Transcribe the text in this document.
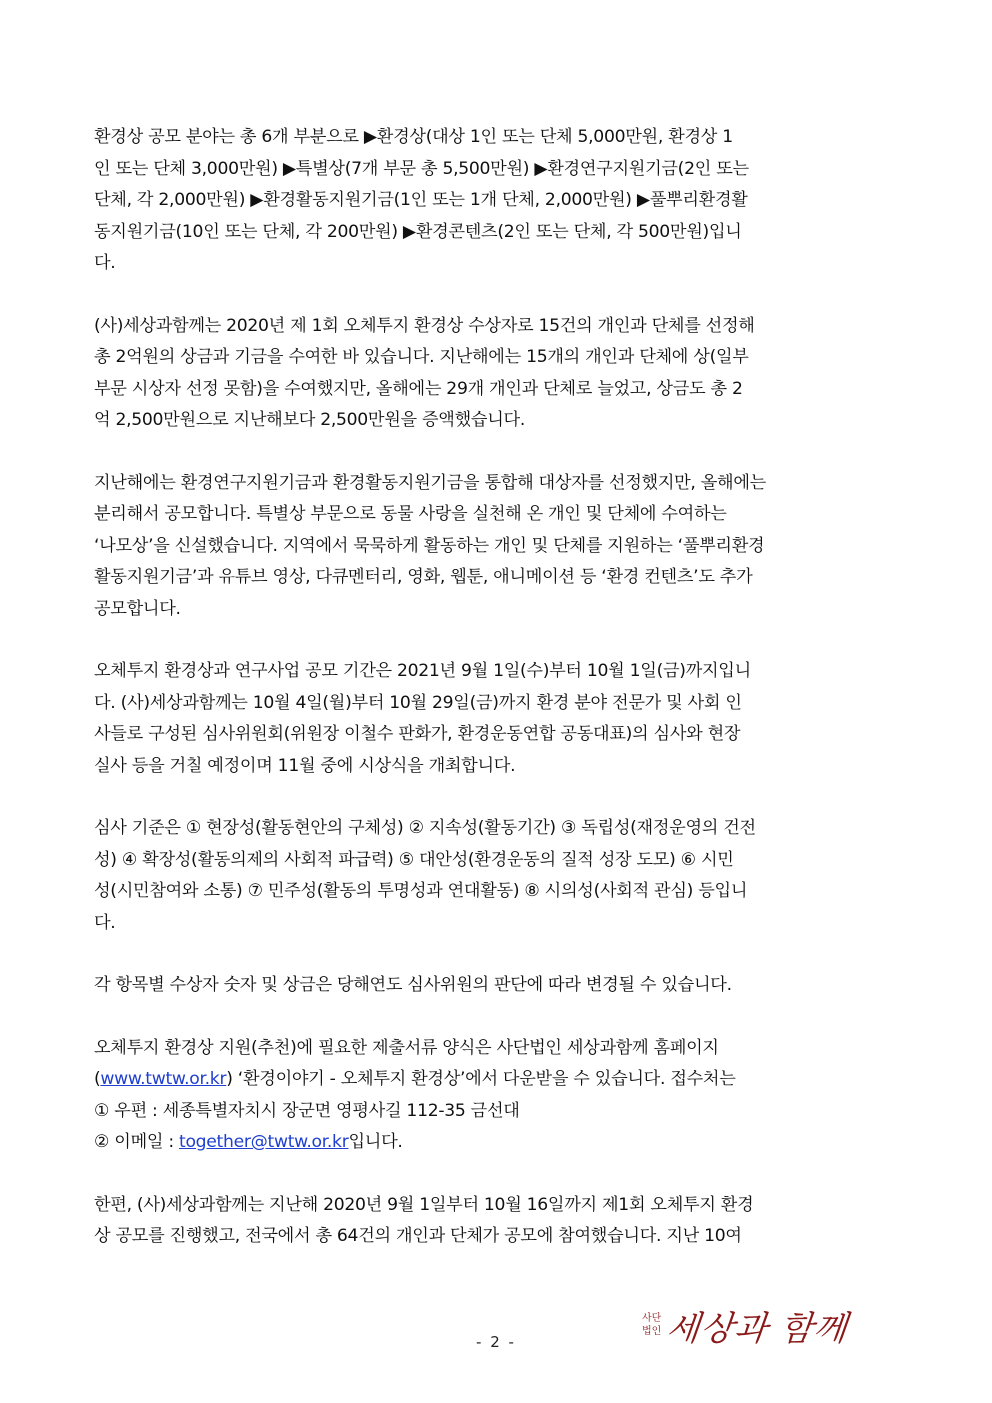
환경상 공모 분야는 총 6개 부분으로 ▶환경상(대상 1인 또는 단체 5,000만원, 환경상 1
인 또는 단체 3,000만원) ▶특별상(7개 부문 총 5,500만원) ▶환경연구지원기금(2인 또는
단체, 각 2,000만원) ▶환경활동지원기금(1인 또는 1개 단체, 2,000만원) ▶풀뿌리환경활
동지원기금(10인 또는 단체, 각 200만원) ▶환경콘텐츠(2인 또는 단체, 각 500만원)입니
다.

(사)세상과함께는 2020년 제 1회 오체투지 환경상 수상자로 15건의 개인과 단체를 선정해
총 2억원의 상금과 기금을 수여한 바 있습니다. 지난해에는 15개의 개인과 단체에 상(일부
부문 시상자 선정 못함)을 수여했지만, 올해에는 29개 개인과 단체로 늘었고, 상금도 총 2
억 2,500만원으로 지난해보다 2,500만원을 증액했습니다.

지난해에는 환경연구지원기금과 환경활동지원기금을 통합해 대상자를 선정했지만, 올해에는
분리해서 공모합니다. 특별상 부문으로 동물 사랑을 실천해 온 개인 및 단체에 수여하는
‘나모상’을 신설했습니다. 지역에서 묵묵하게 활동하는 개인 및 단체를 지원하는 ‘풀뿌리환경
활동지원기금’과 유튜브 영상, 다큐멘터리, 영화, 웹툰, 애니메이션 등 ‘환경 컨텐츠’도 추가
공모합니다.

오체투지 환경상과 연구사업 공모 기간은 2021년 9월 1일(수)부터 10월 1일(금)까지입니
다. (사)세상과함께는 10월 4일(월)부터 10월 29일(금)까지 환경 분야 전문가 및 사회 인
사들로 구성된 심사위원회(위원장 이철수 판화가, 환경운동연합 공동대표)의 심사와 현장
실사 등을 거칠 예정이며 11월 중에 시상식을 개최합니다.

심사 기준은 ① 현장성(활동현안의 구체성) ② 지속성(활동기간) ③ 독립성(재정운영의 건전
성) ④ 확장성(활동의제의 사회적 파급력) ⑤ 대안성(환경운동의 질적 성장 도모) ⑥ 시민
성(시민참여와 소통) ⑦ 민주성(활동의 투명성과 연대활동) ⑧ 시의성(사회적 관심) 등입니
다.

각 항목별 수상자 숫자 및 상금은 당해연도 심사위원의 판단에 따라 변경될 수 있습니다.

오체투지 환경상 지원(추천)에 필요한 제출서류 양식은 사단법인 세상과함께 홈페이지
(www.twtw.or.kr) ‘환경이야기 - 오체투지 환경상’에서 다운받을 수 있습니다. 접수처는
① 우편 : 세종특별자치시 장군면 영평사길 112-35 금선대
② 이메일 : together@twtw.or.kr입니다.

한편, (사)세상과함께는 지난해 2020년 9월 1일부터 10월 16일까지 제1회 오체투지 환경
상 공모를 진행했고, 전국에서 총 64건의 개인과 단체가 공모에 참여했습니다. 지난 10여

- 2 -
사단
법인 세상과 함께
